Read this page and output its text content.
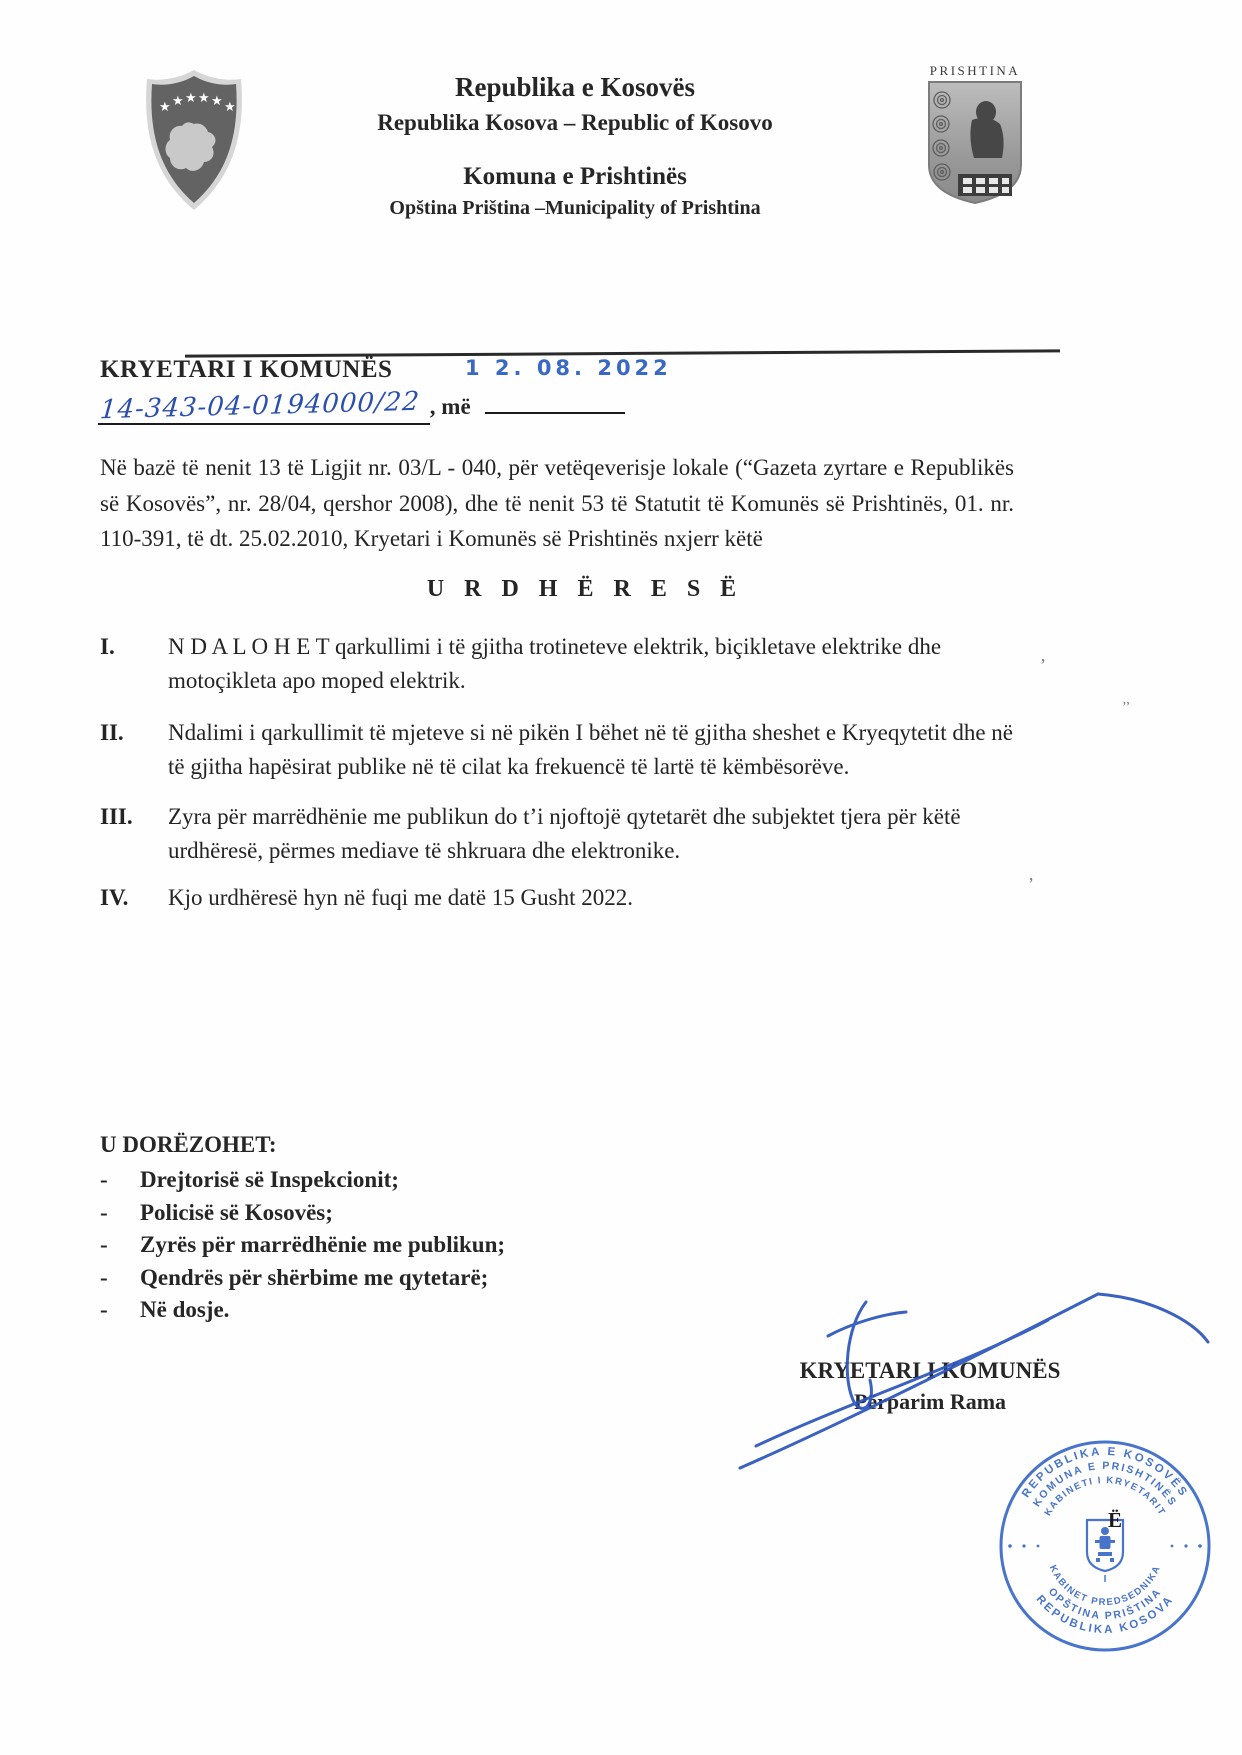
★ ★ ★ ★ ★ ★
Republika e Kosovës
Republika Kosova – Republic of Kosovo
Komuna e Prishtinës
Opština Priština –Municipality of Prishtina
PRISHTINA
KRYETARI I KOMUNËS	1 2. 08. 2022
14-343-04-0194000/22 , më
Në bazë të nenit 13 të Ligjit nr. 03/L - 040, për vetëqeverisje lokale (“Gazeta zyrtare e Republikës së Kosovës”, nr. 28/04, qershor 2008), dhe të nenit 53 të Statutit të Komunës së Prishtinës, 01. nr. 110-391, të dt. 25.02.2010, Kryetari i Komunës së Prishtinës nxjerr këtë
U R D H Ë R E S Ë
I.	N D A L O H E T qarkullimi i të gjitha trotineteve elektrik, biçikletave elektrike dhe motoçikleta apo moped elektrik.
II.	Ndalimi i qarkullimit të mjeteve si në pikën I bëhet në të gjitha sheshet e Kryeqytetit dhe në të gjitha hapësirat publike në të cilat ka frekuencë të lartë të këmbësorëve.
III.	Zyra për marrëdhënie me publikun do t’i njoftojë qytetarët dhe subjektet tjera për këtë urdhëresë, përmes mediave të shkruara dhe elektronike.
IV.	Kjo urdhëresë hyn në fuqi me datë 15 Gusht 2022.
U DORËZOHET:
-	Drejtorisë së Inspekcionit;
-	Policisë së Kosovës;
-	Zyrës për marrëdhënie me publikun;
-	Qendrës për shërbime me qytetarë;
-	Në dosje.
KRYETARI I KOMUNËS
Përparim Rama
REPUBLIKA E KOSOVËS
REPUBLIKA KOSOVA
KOMUNA E PRISHTINËS
OPŠTINA PRIŠTINA
KABINETI I KRYETARIT
KABINET PREDSEDNIKA
I
’
’’
’
Ë
